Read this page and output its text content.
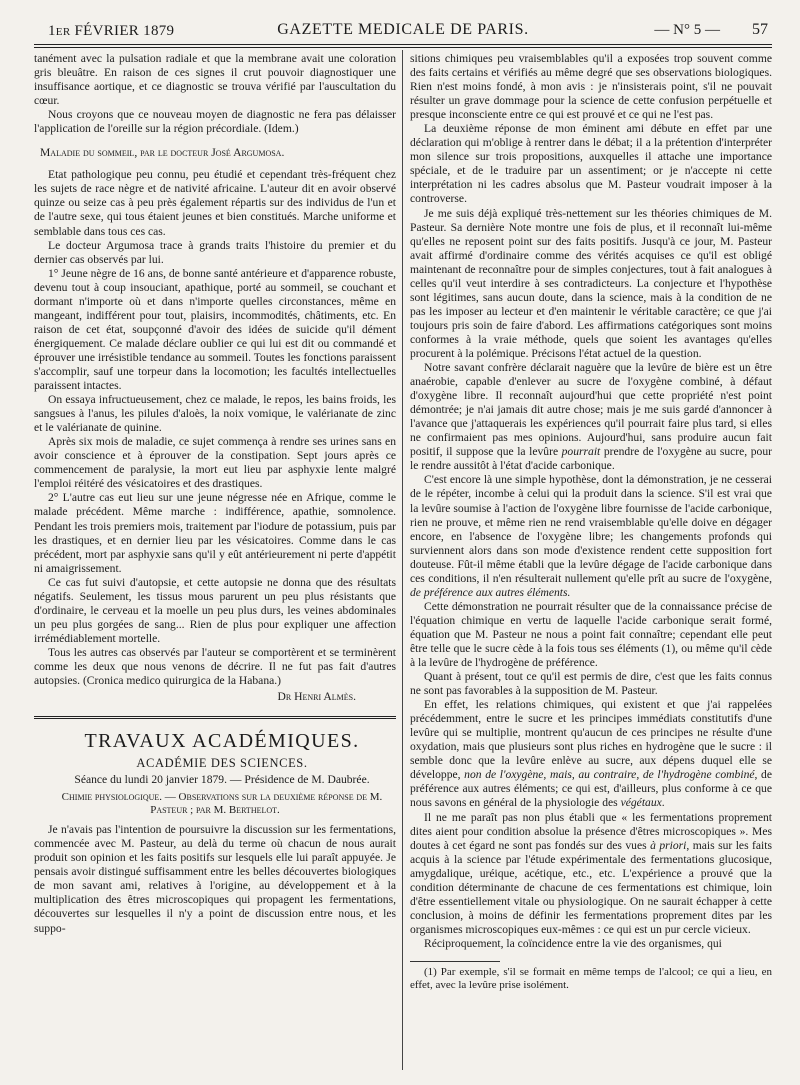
1er FÉVRIER 1879	GAZETTE MEDICALE DE PARIS.	— N° 5 — 57

tanément avec la pulsation radiale et que la membrane avait une coloration gris bleuâtre. En raison de ces signes il crut pouvoir diagnostiquer une insuffisance aortique, et ce diagnostic se trouva vérifié par l'auscultation du cœur.

Nous croyons que ce nouveau moyen de diagnostic ne fera pas délaisser l'application de l'oreille sur la région précordiale. (Idem.)

Maladie du sommeil, par le docteur José Argumosa.

Etat pathologique peu connu, peu étudié et cependant très-fréquent chez les sujets de race nègre et de nativité africaine. L'auteur dit en avoir observé quinze ou seize cas à peu près également répartis sur des individus de l'un et de l'autre sexe, qui tous étaient jeunes et bien constitués. Marche uniforme et semblable dans tous ces cas.

Le docteur Argumosa trace à grands traits l'histoire du premier et du dernier cas observés par lui.

1° Jeune nègre de 16 ans, de bonne santé antérieure et d'apparence robuste, devenu tout à coup insouciant, apathique, porté au sommeil, se couchant et dormant n'importe où et dans n'importe quelles circonstances, même en mangeant, indifférent pour tout, plaisirs, incommodités, châtiments, etc. En raison de cet état, soupçonné d'avoir des idées de suicide qu'il dément énergiquement. Ce malade déclare oublier ce qui lui est dit ou commandé et éprouver une irrésistible tendance au sommeil. Toutes les fonctions paraissent s'accomplir, sauf une torpeur dans la locomotion; les facultés intellectuelles paraissent intactes.

On essaya infructueusement, chez ce malade, le repos, les bains froids, les sangsues à l'anus, les pilules d'aloès, la noix vomique, le valérianate de zinc et le valérianate de quinine.

Après six mois de maladie, ce sujet commença à rendre ses urines sans en avoir conscience et à éprouver de la constipation. Sept jours après ce commencement de paralysie, la mort eut lieu par asphyxie lente malgré l'emploi réitéré des vésicatoires et des drastiques.

2° L'autre cas eut lieu sur une jeune négresse née en Afrique, comme le malade précédent. Même marche : indifférence, apathie, somnolence. Pendant les trois premiers mois, traitement par l'iodure de potassium, puis par les drastiques, et en dernier lieu par les vésicatoires. Comme dans le cas précédent, mort par asphyxie sans qu'il y eût antérieurement ni perte d'appétit ni amaigrissement.

Ce cas fut suivi d'autopsie, et cette autopsie ne donna que des résultats négatifs. Seulement, les tissus mous parurent un peu plus résistants que d'ordinaire, le cerveau et la moelle un peu plus durs, les veines abdominales un peu plus gorgées de sang... Rien de plus pour expliquer une affection irrémédiablement mortelle.

Tous les autres cas observés par l'auteur se comportèrent et se terminèrent comme les deux que nous venons de décrire. Il ne fut pas fait d'autres autopsies. (Cronica medico quirurgica de la Habana.)

Dr Henri Almès.

TRAVAUX ACADÉMIQUES.

ACADÉMIE DES SCIENCES.

Séance du lundi 20 janvier 1879. — Présidence de M. Daubrée.

Chimie physiologique. — Observations sur la deuxième réponse de M. Pasteur ; par M. Berthelot.

Je n'avais pas l'intention de poursuivre la discussion sur les fermentations, commencée avec M. Pasteur, au delà du terme où chacun de nous aurait produit son opinion et les faits positifs sur lesquels elle lui paraît appuyée. Je pensais avoir distingué suffisamment entre les belles découvertes biologiques de mon savant ami, relatives à l'origine, au développement et à la multiplication des êtres microscopiques qui propagent les fermentations, découvertes sur lesquelles il n'y a point de discussion entre nous, et les suppo-

sitions chimiques peu vraisemblables qu'il a exposées trop souvent comme des faits certains et vérifiés au même degré que ses observations biologiques. Rien n'est moins fondé, à mon avis : je n'insisterais point, s'il ne pouvait résulter un grave dommage pour la science de cette confusion perpétuelle et presque inconsciente entre ce qui est prouvé et ce qui ne l'est pas.

La deuxième réponse de mon éminent ami débute en effet par une déclaration qui m'oblige à rentrer dans le débat; il a la prétention d'interpréter mon silence sur trois propositions, auxquelles il attache une importance spéciale, et de le traduire par un assentiment; or je n'accepte ni cette interprétation ni les cadres absolus que M. Pasteur voudrait imposer à la controverse.

Je me suis déjà expliqué très-nettement sur les théories chimiques de M. Pasteur. Sa dernière Note montre une fois de plus, et il reconnaît lui-même qu'elles ne reposent point sur des faits positifs. Jusqu'à ce jour, M. Pasteur avait affirmé d'ordinaire comme des vérités acquises ce qu'il est obligé maintenant de reconnaître pour de simples conjectures, tout à fait analogues à celles qu'il veut interdire à ses contradicteurs. La conjecture et l'hypothèse sont légitimes, sans aucun doute, dans la science, mais à la condition de ne pas les imposer au lecteur et d'en maintenir le véritable caractère; ce que j'ai toujours pris soin de faire d'abord. Les affirmations catégoriques sont moins conformes à la vraie méthode, quels que soient les avantages qu'elles procurent à la polémique. Précisons l'état actuel de la question.

Notre savant confrère déclarait naguère que la levûre de bière est un être anaérobie, capable d'enlever au sucre de l'oxygène combiné, à défaut d'oxygène libre. Il reconnaît aujourd'hui que cette propriété n'est point démontrée; je n'ai jamais dit autre chose; mais je me suis gardé d'annoncer à l'avance que j'attaquerais les expériences qu'il pourrait faire plus tard, si elles ne confirmaient pas mes opinions. Aujourd'hui, sans produire aucun fait positif, il suppose que la levûre pourrait prendre de l'oxygène au sucre, pour le rendre aussitôt à l'état d'acide carbonique.

C'est encore là une simple hypothèse, dont la démonstration, je ne cesserai de le répéter, incombe à celui qui la produit dans la science. S'il est vrai que la levûre soumise à l'action de l'oxygène libre fournisse de l'acide carbonique, rien ne prouve, et même rien ne rend vraisemblable qu'elle doive en dégager encore, en l'absence de l'oxygène libre; les changements profonds qui surviennent alors dans son mode d'existence rendent cette supposition fort douteuse. Fût-il même établi que la levûre dégage de l'acide carbonique dans ces conditions, il n'en résulterait nullement qu'elle prît au sucre de l'oxygène, de préférence aux autres éléments.

Cette démonstration ne pourrait résulter que de la connaissance précise de l'équation chimique en vertu de laquelle l'acide carbonique serait formé, équation que M. Pasteur ne nous a point fait connaître; cependant elle peut être telle que le sucre cède à la fois tous ses éléments (1), ou même qu'il cède à la levûre de l'hydrogène de préférence.

Quant à présent, tout ce qu'il est permis de dire, c'est que les faits connus ne sont pas favorables à la supposition de M. Pasteur.

En effet, les relations chimiques, qui existent et que j'ai rappelées précédemment, entre le sucre et les principes immédiats constitutifs d'une levûre qui se multiplie, montrent qu'aucun de ces principes ne résulte d'une oxydation, mais que plusieurs sont plus riches en hydrogène que le sucre : il semble donc que la levûre enlève au sucre, aux dépens duquel elle se développe, non de l'oxygène, mais, au contraire, de l'hydrogène combiné, de préférence aux autres éléments; ce qui est, d'ailleurs, plus conforme à ce que nous savons en général de la physiologie des végétaux.

Il ne me paraît pas non plus établi que « les fermentations proprement dites aient pour condition absolue la présence d'êtres microscopiques ». Mes doutes à cet égard ne sont pas fondés sur des vues à priori, mais sur les faits acquis à la science par l'étude expérimentale des fermentations glucosique, amygdalique, uréique, acétique, etc., etc. L'expérience a prouvé que la condition déterminante de chacune de ces fermentations est chimique, loin d'être essentiellement vitale ou physiologique. On ne saurait échapper à cette conclusion, à moins de définir les fermentations proprement dites par les organismes microscopiques eux-mêmes : ce qui est un pur cercle vicieux.

Réciproquement, la coïncidence entre la vie des organismes, qui

(1) Par exemple, s'il se formait en même temps de l'alcool; ce qui a lieu, en effet, avec la levûre prise isolément.
